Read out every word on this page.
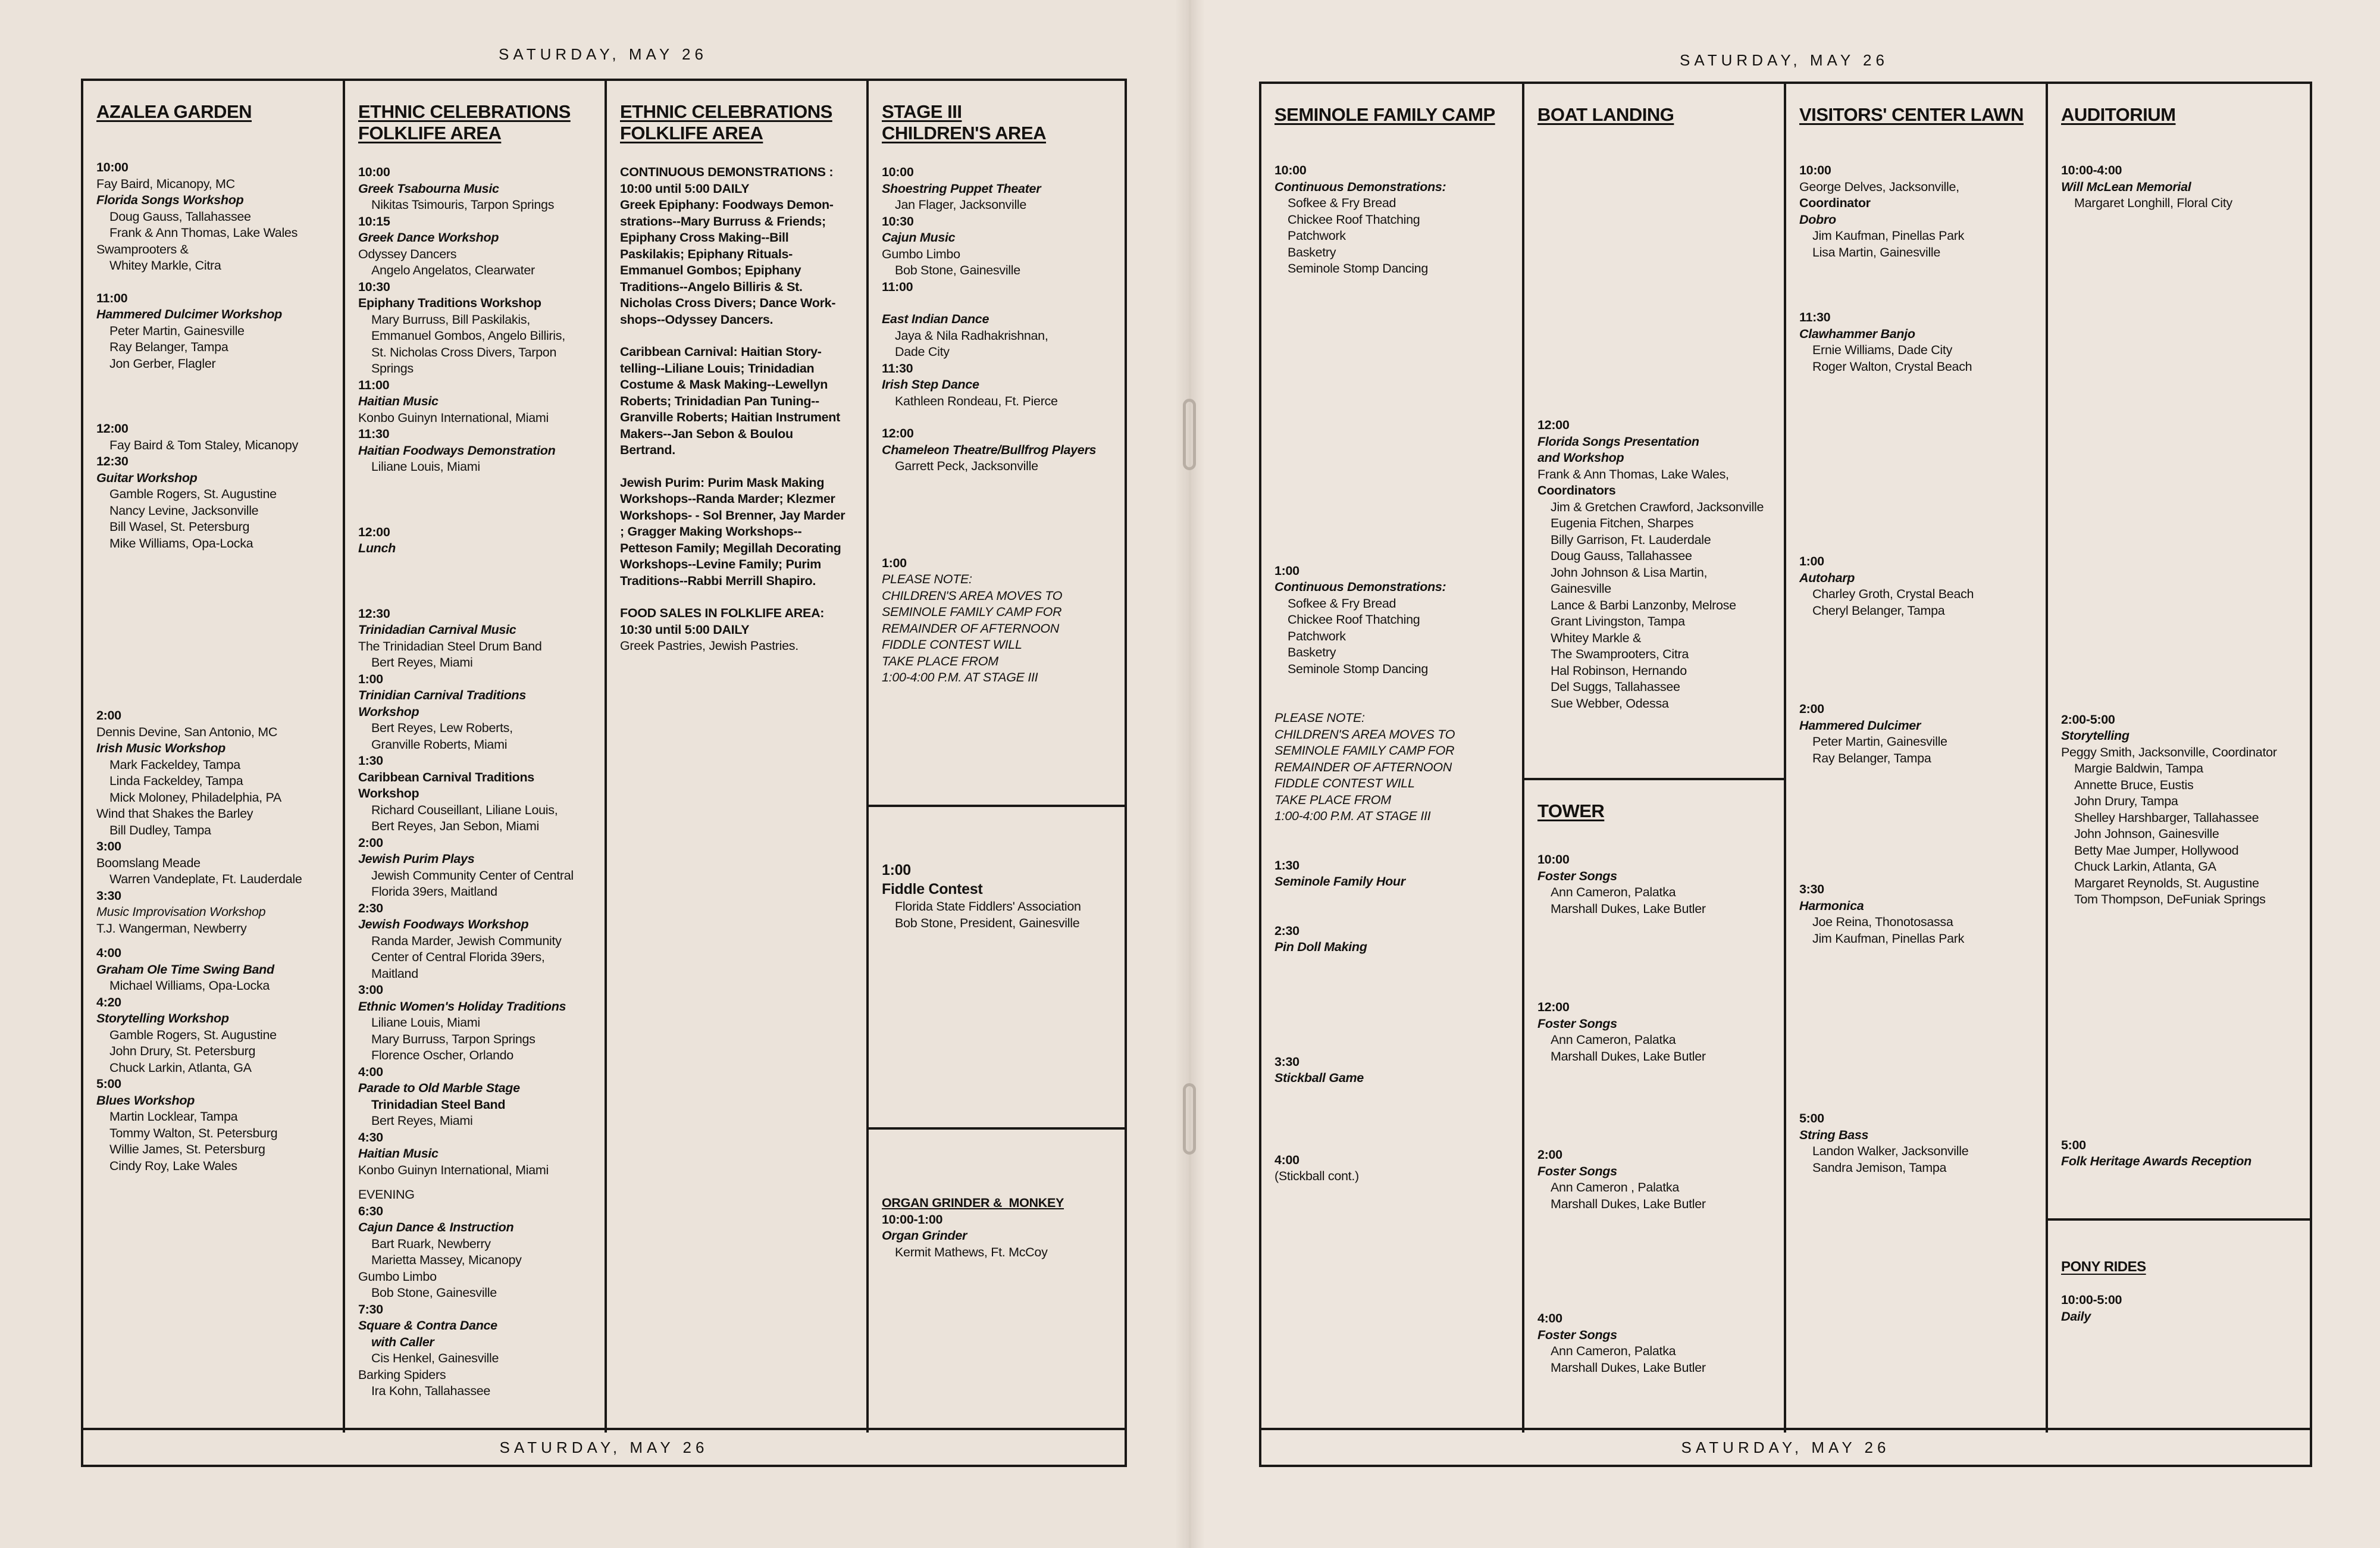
SATURDAY, MAY 26
AZALEA GARDEN
10:00
Fay Baird, Micanopy, MC
Florida Songs Workshop
Doug Gauss, Tallahassee
Frank & Ann Thomas, Lake Wales
Swamprooters &
Whitey Markle, Citra
11:00
Hammered Dulcimer Workshop
Peter Martin, Gainesville
Ray Belanger, Tampa
Jon Gerber, Flagler
12:00
Fay Baird & Tom Staley, Micanopy
12:30
Guitar Workshop
Gamble Rogers, St. Augustine
Nancy Levine, Jacksonville
Bill Wasel, St. Petersburg
Mike Williams, Opa-Locka
2:00
Dennis Devine, San Antonio, MC
Irish Music Workshop
Mark Fackeldey, Tampa
Linda Fackeldey, Tampa
Mick Moloney, Philadelphia, PA
Wind that Shakes the Barley
Bill Dudley, Tampa
3:00
Boomslang Meade
Warren Vandeplate, Ft. Lauderdale
3:30
Music Improvisation Workshop
T.J. Wangerman, Newberry
4:00
Graham Ole Time Swing Band
Michael Williams, Opa-Locka
4:20
Storytelling Workshop
Gamble Rogers, St. Augustine
John Drury, St. Petersburg
Chuck Larkin, Atlanta, GA
5:00
Blues Workshop
Martin Locklear, Tampa
Tommy Walton, St. Petersburg
Willie James, St. Petersburg
Cindy Roy, Lake Wales
ETHNIC CELEBRATIONS
FOLKLIFE AREA
10:00
Greek Tsabourna Music
Nikitas Tsimouris, Tarpon Springs
10:15
Greek Dance Workshop
Odyssey Dancers
Angelo Angelatos, Clearwater
10:30
Epiphany Traditions Workshop
Mary Burruss, Bill Paskilakis,
Emmanuel Gombos, Angelo Billiris,
St. Nicholas Cross Divers, Tarpon
Springs
11:00
Haitian Music
Konbo Guinyn International, Miami
11:30
Haitian Foodways Demonstration
Liliane Louis, Miami
12:00
Lunch
12:30
Trinidadian Carnival Music
The Trinidadian Steel Drum Band
Bert Reyes, Miami
1:00
Trinidian Carnival Traditions
Workshop
Bert Reyes, Lew Roberts,
Granville Roberts, Miami
1:30
Caribbean Carnival Traditions
Workshop
Richard Couseillant, Liliane Louis,
Bert Reyes, Jan Sebon, Miami
2:00
Jewish Purim Plays
Jewish Community Center of Central
Florida 39ers, Maitland
2:30
Jewish Foodways Workshop
Randa Marder, Jewish Community
Center of Central Florida 39ers,
Maitland
3:00
Ethnic Women's Holiday Traditions
Liliane Louis, Miami
Mary Burruss, Tarpon Springs
Florence Oscher, Orlando
4:00
Parade to Old Marble Stage
Trinidadian Steel Band
Bert Reyes, Miami
4:30
Haitian Music
Konbo Guinyn International, Miami
EVENING
6:30
Cajun Dance & Instruction
Bart Ruark, Newberry
Marietta Massey, Micanopy
Gumbo Limbo
Bob Stone, Gainesville
7:30
Square & Contra Dance
with Caller
Cis Henkel, Gainesville
Barking Spiders
Ira Kohn, Tallahassee
ETHNIC CELEBRATIONS
FOLKLIFE AREA
CONTINUOUS DEMONSTRATIONS :
10:00 until 5:00 DAILY
Greek Epiphany: Foodways Demon-
strations--Mary Burruss & Friends;
Epiphany Cross Making--Bill
Paskilakis; Epiphany Rituals-
Emmanuel Gombos; Epiphany
Traditions--Angelo Billiris & St.
Nicholas Cross Divers; Dance Work-
shops--Odyssey Dancers.
Caribbean Carnival: Haitian Story-
telling--Liliane Louis; Trinidadian
Costume & Mask Making--Lewellyn
Roberts; Trinidadian Pan Tuning--
Granville Roberts; Haitian Instrument
Makers--Jan Sebon & Boulou
Bertrand.
Jewish Purim: Purim Mask Making
Workshops--Randa Marder; Klezmer
Workshops- - Sol Brenner, Jay Marder
; Gragger Making Workshops--
Petteson Family; Megillah Decorating
Workshops--Levine Family; Purim
Traditions--Rabbi Merrill Shapiro.
FOOD SALES IN FOLKLIFE AREA:
10:30 until 5:00 DAILY
Greek Pastries, Jewish Pastries.
STAGE III
CHILDREN'S AREA
10:00
Shoestring Puppet Theater
Jan Flager, Jacksonville
10:30
Cajun Music
Gumbo Limbo
Bob Stone, Gainesville
11:00
East Indian Dance
Jaya & Nila Radhakrishnan,
Dade City
11:30
Irish Step Dance
Kathleen Rondeau, Ft. Pierce
12:00
Chameleon Theatre/Bullfrog Players
Garrett Peck, Jacksonville
1:00
PLEASE NOTE:
CHILDREN'S AREA MOVES TO
SEMINOLE FAMILY CAMP FOR
REMAINDER OF AFTERNOON
FIDDLE CONTEST WILL
TAKE PLACE FROM
1:00-4:00 P.M. AT STAGE III
1:00
Fiddle Contest
Florida State Fiddlers' Association
Bob Stone, President, Gainesville
ORGAN GRINDER &  MONKEY
10:00-1:00
Organ Grinder
Kermit Mathews, Ft. McCoy
SATURDAY, MAY 26
SATURDAY, MAY 26
SEMINOLE FAMILY CAMP
10:00
Continuous Demonstrations:
Sofkee & Fry Bread
Chickee Roof Thatching
Patchwork
Basketry
Seminole Stomp Dancing
1:00
Continuous Demonstrations:
Sofkee & Fry Bread
Chickee Roof Thatching
Patchwork
Basketry
Seminole Stomp Dancing
PLEASE NOTE:
CHILDREN'S AREA MOVES TO
SEMINOLE FAMILY CAMP FOR
REMAINDER OF AFTERNOON
FIDDLE CONTEST WILL
TAKE PLACE FROM
1:00-4:00 P.M. AT STAGE III
1:30
Seminole Family Hour
2:30
Pin Doll Making
3:30
Stickball Game
4:00
(Stickball cont.)
BOAT LANDING
12:00
Florida Songs Presentation
and Workshop
Frank & Ann Thomas, Lake Wales,
Coordinators
Jim & Gretchen Crawford, Jacksonville
Eugenia Fitchen, Sharpes
Billy Garrison, Ft. Lauderdale
Doug Gauss, Tallahassee
John Johnson & Lisa Martin,
Gainesville
Lance & Barbi Lanzonby, Melrose
Grant Livingston, Tampa
Whitey Markle &
The Swamprooters, Citra
Hal Robinson, Hernando
Del Suggs, Tallahassee
Sue Webber, Odessa
TOWER
10:00
Foster Songs
Ann Cameron, Palatka
Marshall Dukes, Lake Butler
12:00
Foster Songs
Ann Cameron, Palatka
Marshall Dukes, Lake Butler
2:00
Foster Songs
Ann Cameron , Palatka
Marshall Dukes, Lake Butler
4:00
Foster Songs
Ann Cameron, Palatka
Marshall Dukes, Lake Butler
VISITORS' CENTER LAWN
10:00
George Delves, Jacksonville,
Coordinator
Dobro
Jim Kaufman, Pinellas Park
Lisa Martin, Gainesville
11:30
Clawhammer Banjo
Ernie Williams, Dade City
Roger Walton, Crystal Beach
1:00
Autoharp
Charley Groth, Crystal Beach
Cheryl Belanger, Tampa
2:00
Hammered Dulcimer
Peter Martin, Gainesville
Ray Belanger, Tampa
3:30
Harmonica
Joe Reina, Thonotosassa
Jim Kaufman, Pinellas Park
5:00
String Bass
Landon Walker, Jacksonville
Sandra Jemison, Tampa
AUDITORIUM
10:00-4:00
Will McLean Memorial
Margaret Longhill, Floral City
2:00-5:00
Storytelling
Peggy Smith, Jacksonville, Coordinator
Margie Baldwin, Tampa
Annette Bruce, Eustis
John Drury, Tampa
Shelley Harshbarger, Tallahassee
John Johnson, Gainesville
Betty Mae Jumper, Hollywood
Chuck Larkin, Atlanta, GA
Margaret Reynolds, St. Augustine
Tom Thompson, DeFuniak Springs
5:00
Folk Heritage Awards Reception
PONY RIDES
10:00-5:00
Daily
SATURDAY, MAY 26
